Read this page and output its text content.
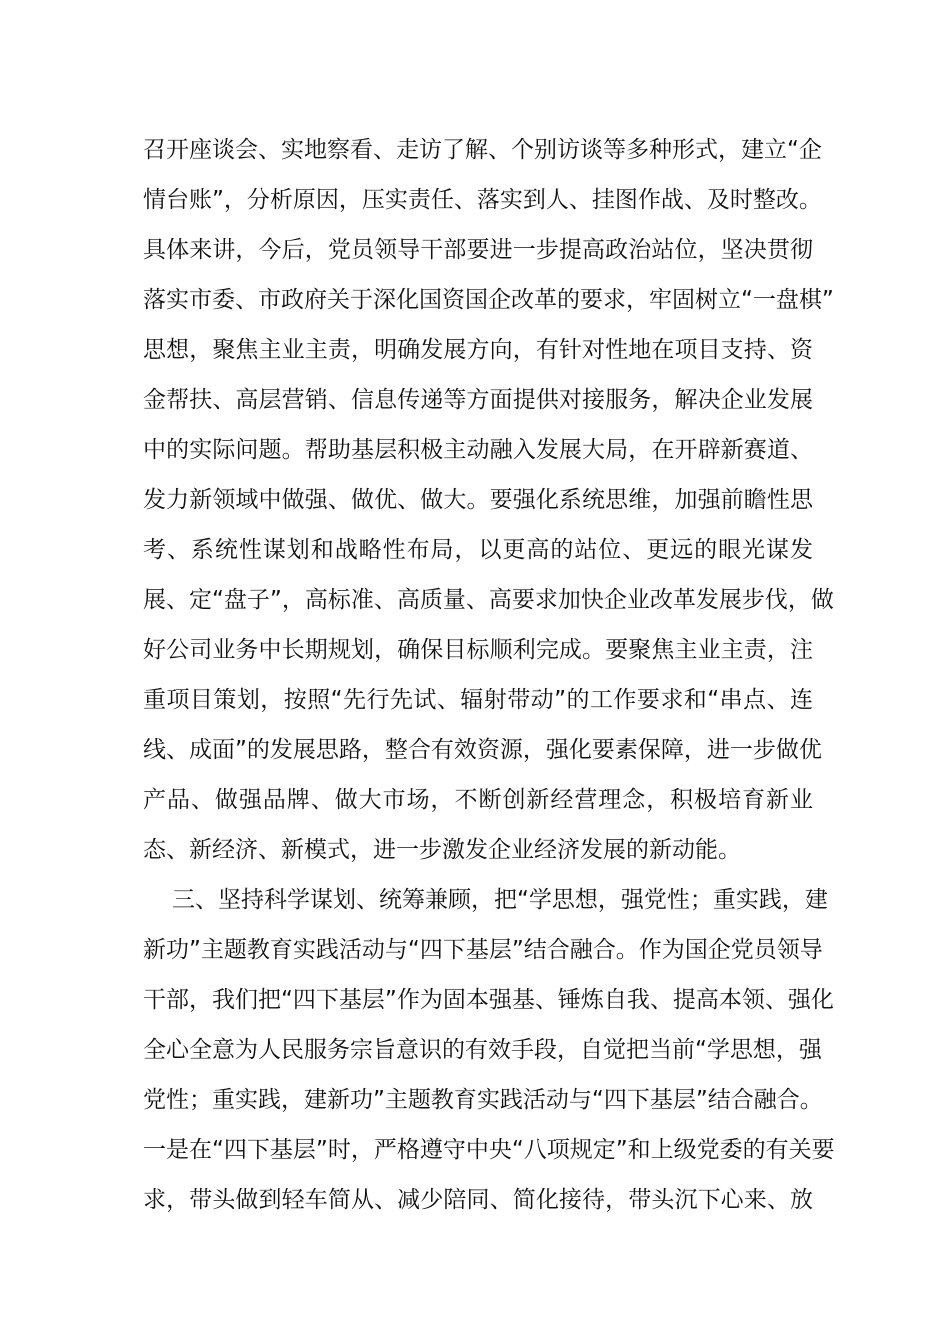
召开座谈会、实地察看、走访了解、个别访谈等多种形式，建立“企
情台账”，分析原因，压实责任、落实到人、挂图作战、及时整改。
具体来讲，今后，党员领导干部要进一步提高政治站位，坚决贯彻
落实市委、市政府关于深化国资国企改革的要求，牢固树立“一盘棋”
思想，聚焦主业主责，明确发展方向，有针对性地在项目支持、资
金帮扶、高层营销、信息传递等方面提供对接服务，解决企业发展
中的实际问题。帮助基层积极主动融入发展大局，在开辟新赛道、
发力新领域中做强、做优、做大。要强化系统思维，加强前瞻性思
考、系统性谋划和战略性布局，以更高的站位、更远的眼光谋发
展、定“盘子”，高标准、高质量、高要求加快企业改革发展步伐，做
好公司业务中长期规划，确保目标顺利完成。要聚焦主业主责，注
重项目策划，按照“先行先试、辐射带动”的工作要求和“串点、连
线、成面”的发展思路，整合有效资源，强化要素保障，进一步做优
产品、做强品牌、做大市场，不断创新经营理念，积极培育新业
态、新经济、新模式，进一步激发企业经济发展的新动能。
三、坚持科学谋划、统筹兼顾，把“学思想，强党性；重实践，建
新功”主题教育实践活动与“四下基层”结合融合。作为国企党员领导
干部，我们把“四下基层”作为固本强基、锤炼自我、提高本领、强化
全心全意为人民服务宗旨意识的有效手段，自觉把当前“学思想，强
党性；重实践，建新功”主题教育实践活动与“四下基层”结合融合。
一是在“四下基层”时，严格遵守中央“八项规定”和上级党委的有关要
求，带头做到轻车简从、减少陪同、简化接待，带头沉下心来、放
